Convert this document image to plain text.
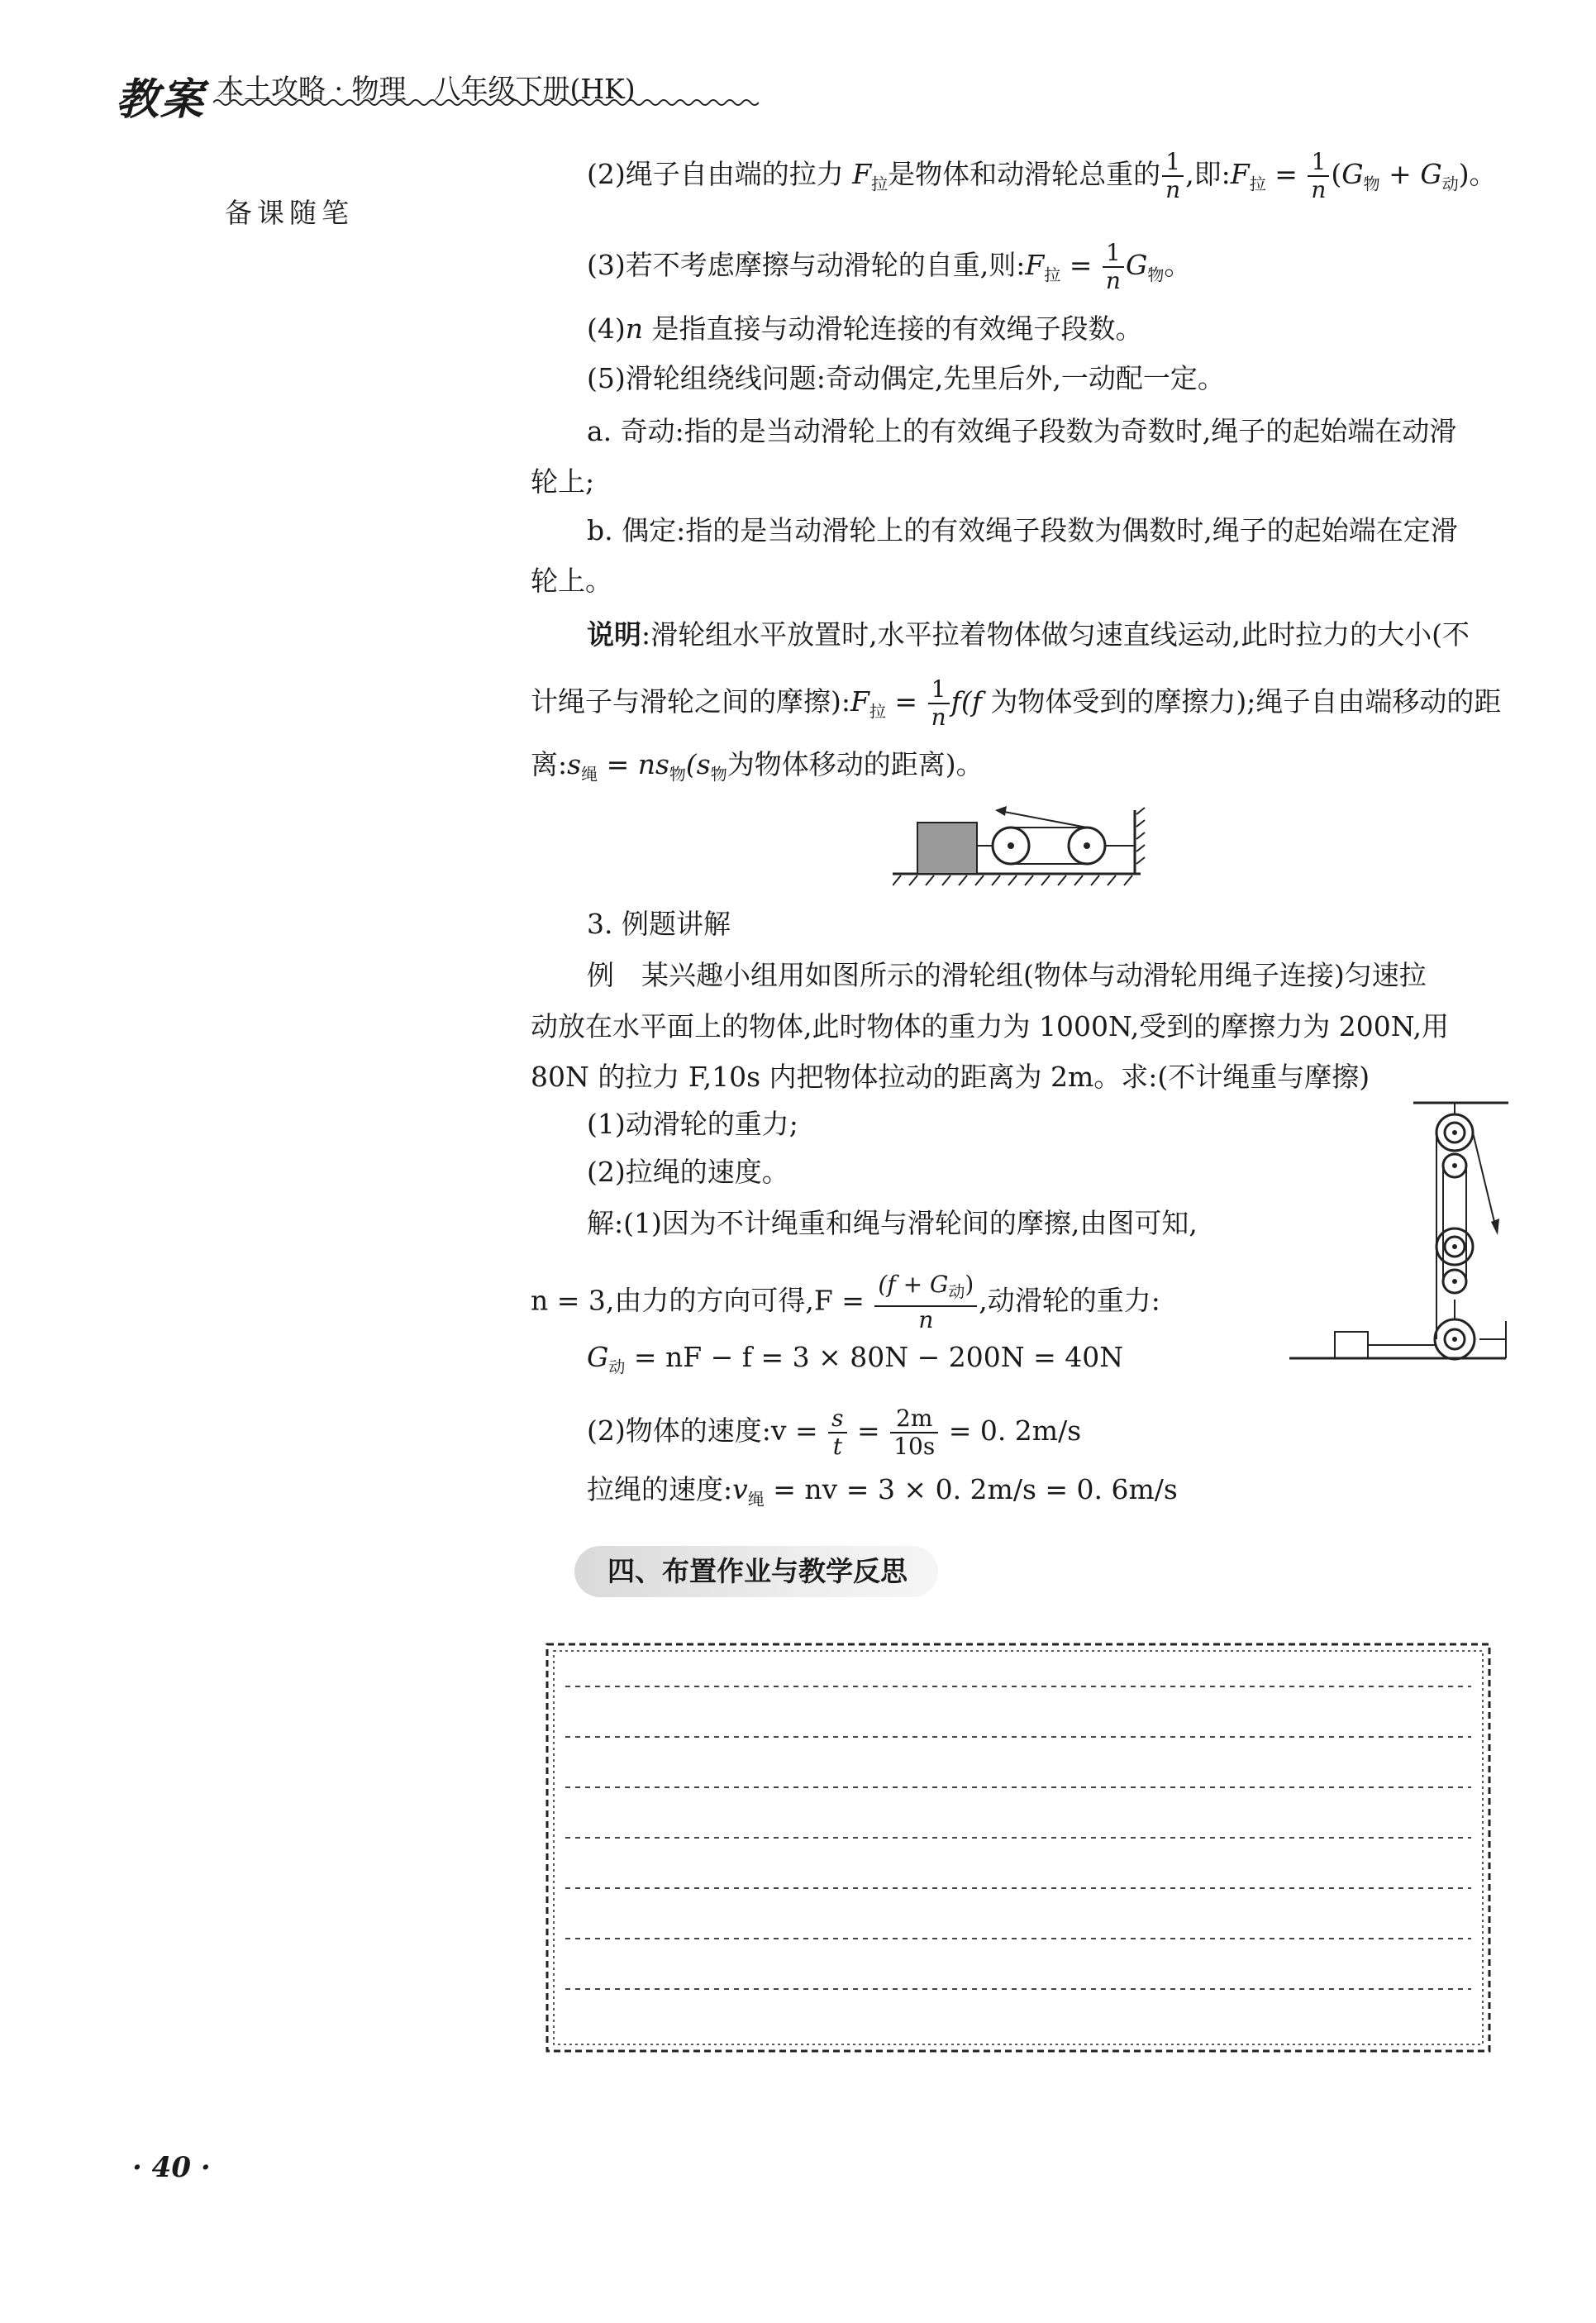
教案 本土攻略 · 物理　八年级下册(HK)
备课随笔
(2)绳子自由端的拉力 $F_拉$是物体和动滑轮总重的 $\frac{1}{n}$ ,即$:F_拉 = \frac{1}{n} (G_物 + G_动)$。
(3)若不考虑摩擦与动滑轮的自重,则$:F_拉 = \frac{1}{n} G_物$。
(4)n 是指直接与动滑轮连接的有效绳子段数。
(5)滑轮组绕线问题:奇动偶定,先里后外,一动配一定。
a. 奇动:指的是当动滑轮上的有效绳子段数为奇数时,绳子的起始端在动滑
轮上;
b. 偶定:指的是当动滑轮上的有效绳子段数为偶数时,绳子的起始端在定滑
轮上。
说明:滑轮组水平放置时,水平拉着物体做匀速直线运动,此时拉力的大小(不
计绳子与滑轮之间的摩擦)$:F_拉 = \frac{1}{n} f(f$ 为物体受到的摩擦力);绳子自由端移动的距
离$:s_绳 = ns_物(s_物$为物体移动的距离)。
3. 例题讲解
例　某兴趣小组用如图所示的滑轮组(物体与动滑轮用绳子连接)匀速拉
动放在水平面上的物体,此时物体的重力为 1000N,受到的摩擦力为 200N,用
80N 的拉力 F,10s 内把物体拉动的距离为 2m。求:(不计绳重与摩擦)
(1)动滑轮的重力;
(2)拉绳的速度。
解:(1)因为不计绳重和绳与滑轮间的摩擦,由图可知,
n = 3,由力的方向可得$,F = \frac{(f + G_动)}{n}$ ,动滑轮的重力:
$G_动$ = nF − f = 3 × 80N − 200N = 40N
(2)物体的速度:v = $\frac{s}{t} = \frac{2m}{10s} = 0$. 2m/s
拉绳的速度$:v_绳$ = nv = 3 × 0. 2m/s = 0. 6m/s
四、布置作业与教学反思
· 40 ·
